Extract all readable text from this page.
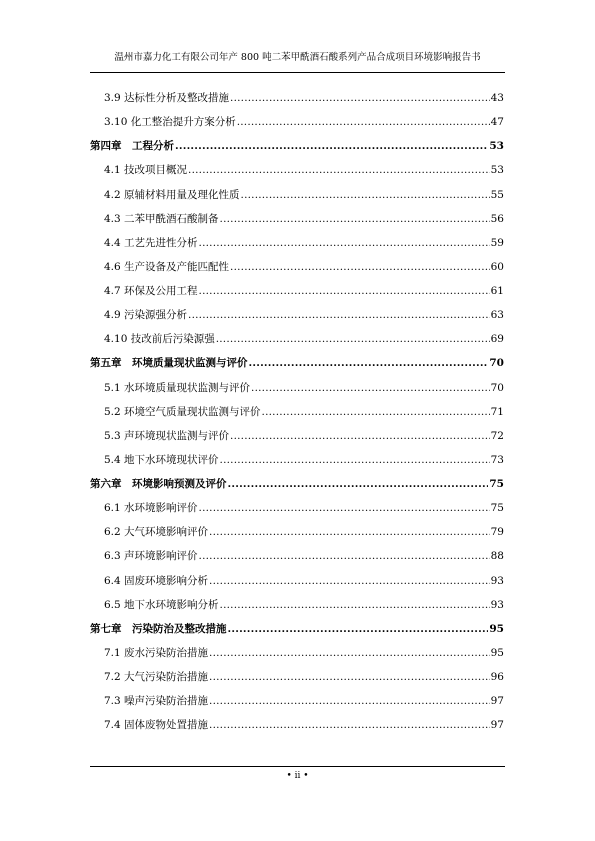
温州市嘉力化工有限公司年产 800 吨二苯甲酰酒石酸系列产品合成项目环境影响报告书
3.9 达标性分析及整改措施 .....	43
3.10 化工整治提升方案分析 .....	47
第四章　工程分析 .....	53
4.1 技改项目概况 .....	53
4.2 原辅材料用量及理化性质 .....	55
4.3 二苯甲酰酒石酸制备 .....	56
4.4 工艺先进性分析 .....	59
4.6 生产设备及产能匹配性 .....	60
4.7 环保及公用工程 .....	61
4.9 污染源强分析 .....	63
4.10 技改前后污染源强 .....	69
第五章　环境质量现状监测与评价 .....	70
5.1 水环境质量现状监测与评价 .....	70
5.2 环境空气质量现状监测与评价 .....	71
5.3 声环境现状监测与评价 .....	72
5.4 地下水环境现状评价 .....	73
第六章　环境影响预测及评价 .....	75
6.1 水环境影响评价 .....	75
6.2 大气环境影响评价 .....	79
6.3 声环境影响评价 .....	88
6.4 固废环境影响分析 .....	93
6.5 地下水环境影响分析 .....	93
第七章　污染防治及整改措施 .....	95
7.1 废水污染防治措施 .....	95
7.2 大气污染防治措施 .....	96
7.3 噪声污染防治措施 .....	97
7.4 固体废物处置措施 .....	97
• ii •
